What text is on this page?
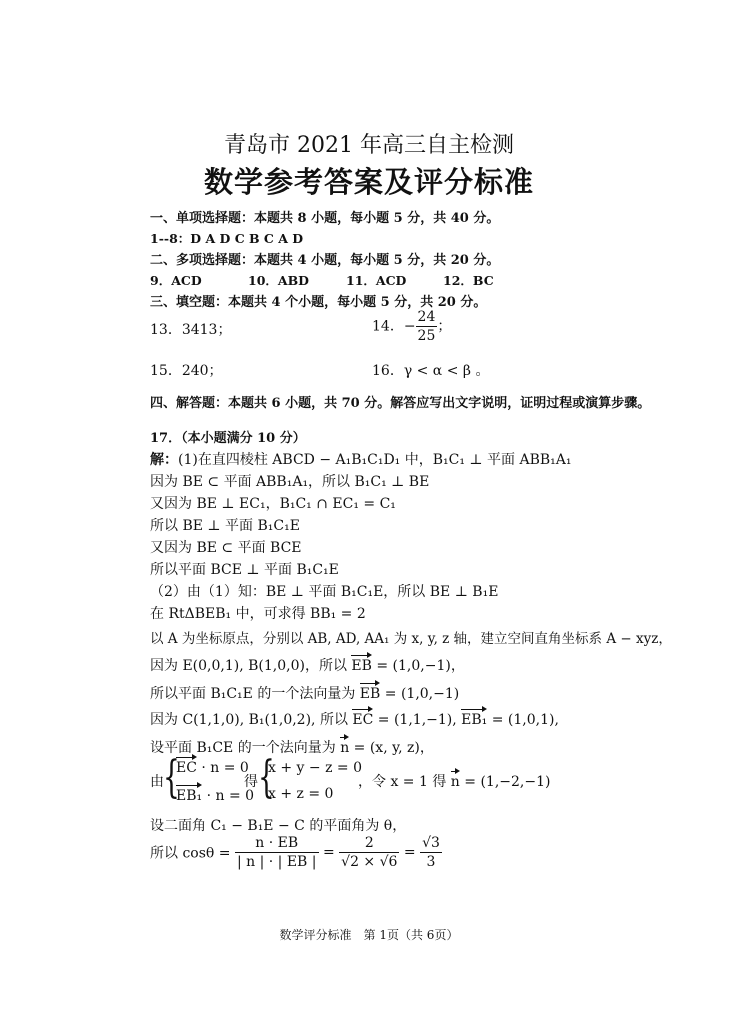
青岛市 2021 年高三自主检测
数学参考答案及评分标准
一、单项选择题：本题共 8 小题，每小题 5 分，共 40 分。
1--8：D A D C B C A D
二、多项选择题：本题共 4 小题，每小题 5 分，共 20 分。
9．ACD	10．ABD	11．ACD	12．BC
三、填空题：本题共 4 个小题，每小题 5 分，共 20 分。
13．3413；	14．− $\frac{24}{25}$ ；
15．240；	16．γ < α < β 。
四、解答题：本题共 6 小题，共 70 分。解答应写出文字说明，证明过程或演算步骤。
17．（本小题满分 10 分）
解：(1)在直四棱柱 ABCD − A₁B₁C₁D₁ 中，B₁C₁ ⊥ 平面 ABB₁A₁
因为 BE ⊂ 平面 ABB₁A₁，所以 B₁C₁ ⊥ BE
又因为 BE ⊥ EC₁，B₁C₁ ∩ EC₁ = C₁
所以 BE ⊥ 平面 B₁C₁E
又因为 BE ⊂ 平面 BCE
所以平面 BCE ⊥ 平面 B₁C₁E
（2）由（1）知：BE ⊥ 平面 B₁C₁E，所以 BE ⊥ B₁E
在 RtΔBEB₁ 中，可求得 BB₁ = 2
以 A 为坐标原点，分别以 AB, AD, AA₁ 为 x, y, z 轴，建立空间直角坐标系 A − xyz，
因为 E(0,0,1), B(1,0,0)，所以 EB = (1,0,−1)，
所以平面 B₁C₁E 的一个法向量为 EB = (1,0,−1)
因为 C(1,1,0), B₁(1,0,2), 所以 EC = (1,1,−1), EB₁ = (1,0,1),
设平面 B₁CE 的一个法向量为 n = (x, y, z)，
由 {
EC · n = 0
EB₁ · n = 0
得 {
x + y − z = 0
x + z = 0
，令 x = 1 得 n = (1,−2,−1)
设二面角 C₁ − B₁E − C 的平面角为 θ，
所以 $\cos\theta = \frac{n \cdot EB}{| n | \cdot | EB |} = \frac{2}{√2 \times √6} = \frac{√3}{3}$
数学评分标准　第 1页（共 6页）
